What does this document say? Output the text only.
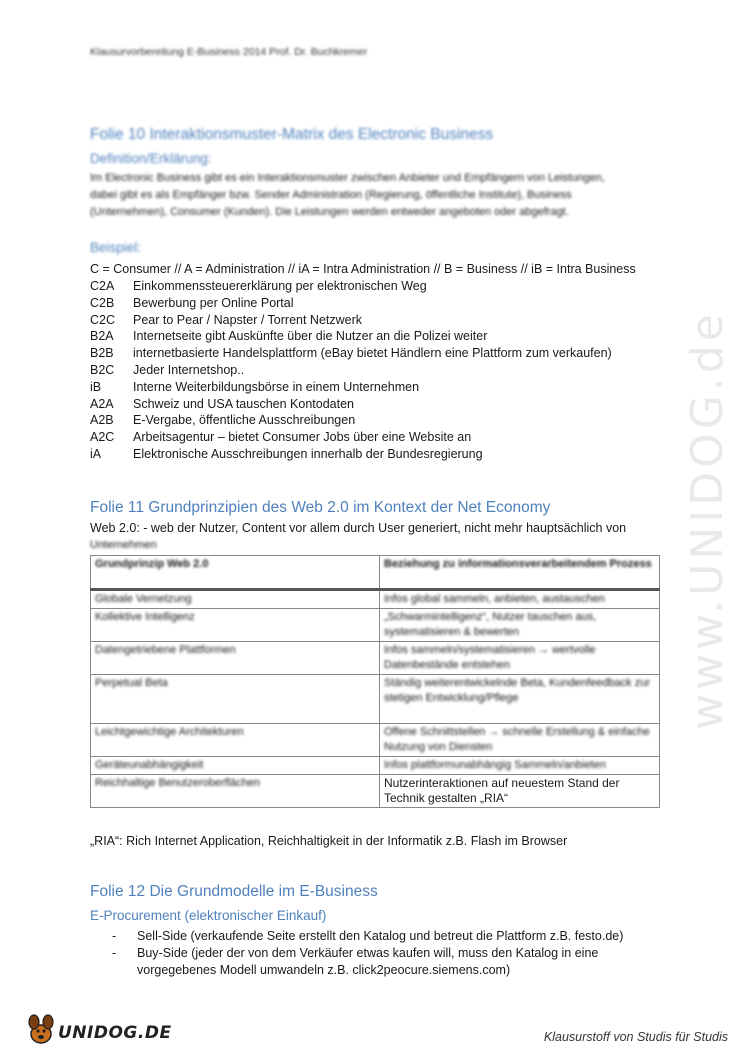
Klausurvorbereitung E-Business 2014 Prof. Dr. Buchkremer
Folie 10 Interaktionsmuster-Matrix des Electronic Business
Definition/Erklärung:
Im Electronic Business gibt es ein Interaktionsmuster zwischen Anbieter und Empfängern von Leistungen, dabei gibt es als Empfänger bzw. Sender Administration (Regierung, öffentliche Institute), Business (Unternehmen), Consumer (Kunden). Die Leistungen werden entweder angeboten oder abgefragt.
Beispiel:
C = Consumer // A = Administration // iA = Intra Administration // B = Business // iB = Intra Business
C2A	Einkommenssteuererklärung per elektronischen Weg
C2B	Bewerbung per Online Portal
C2C	Pear to Pear / Napster / Torrent Netzwerk
B2A	Internetseite gibt Auskünfte über die Nutzer an die Polizei weiter
B2B	internetbasierte Handelsplattform (eBay bietet Händlern eine Plattform zum verkaufen)
B2C	Jeder Internetshop..
iB	Interne Weiterbildungsbörse in einem Unternehmen
A2A	Schweiz und USA tauschen Kontodaten
A2B	E-Vergabe, öffentliche Ausschreibungen
A2C	Arbeitsagentur – bietet Consumer Jobs über eine Website an
iA	Elektronische Ausschreibungen innerhalb der Bundesregierung	www.UNIDOG.de
Folie 11 Grundprinzipien des Web 2.0 im Kontext der Net Economy
Web 2.0: - web der Nutzer, Content vor allem durch User generiert, nicht mehr hauptsächlich von
Unternehmen
Grundprinzip Web 2.0	Beziehung zu informationsverarbeitendem Prozess
Globale Vernetzung	Infos global sammeln, anbieten, austauschen
Kollektive Intelligenz	„Schwarmintelligenz“, Nutzer tauschen aus, systematisieren & bewerten
Datengetriebene Plattformen	Infos sammeln/systematisieren → wertvolle Datenbestände entstehen
Perpetual Beta	Ständig weiterentwickelnde Beta, Kundenfeedback zur stetigen Entwicklung/Pflege
Leichtgewichtige Architekturen	Offene Schnittstellen → schnelle Erstellung & einfache Nutzung von Diensten
Geräteunabhängigkeit	Infos plattformunabhängig Sammeln/anbieten
Reichhaltige Benutzeroberflächen	Nutzerinteraktionen auf neuestem Stand der Technik gestalten „RIA“
„RIA“: Rich Internet Application, Reichhaltigkeit in der Informatik z.B. Flash im Browser
Folie 12 Die Grundmodelle im E-Business
E-Procurement (elektronischer Einkauf)
-	Sell-Side (verkaufende Seite erstellt den Katalog und betreut die Plattform z.B. festo.de)
-	Buy-Side (jeder der von dem Verkäufer etwas kaufen will, muss den Katalog in eine
vorgegebenes Modell umwandeln z.B. click2peocure.siemens.com)
UNIDOG.DE	Klausurstoff von Studis für Studis
